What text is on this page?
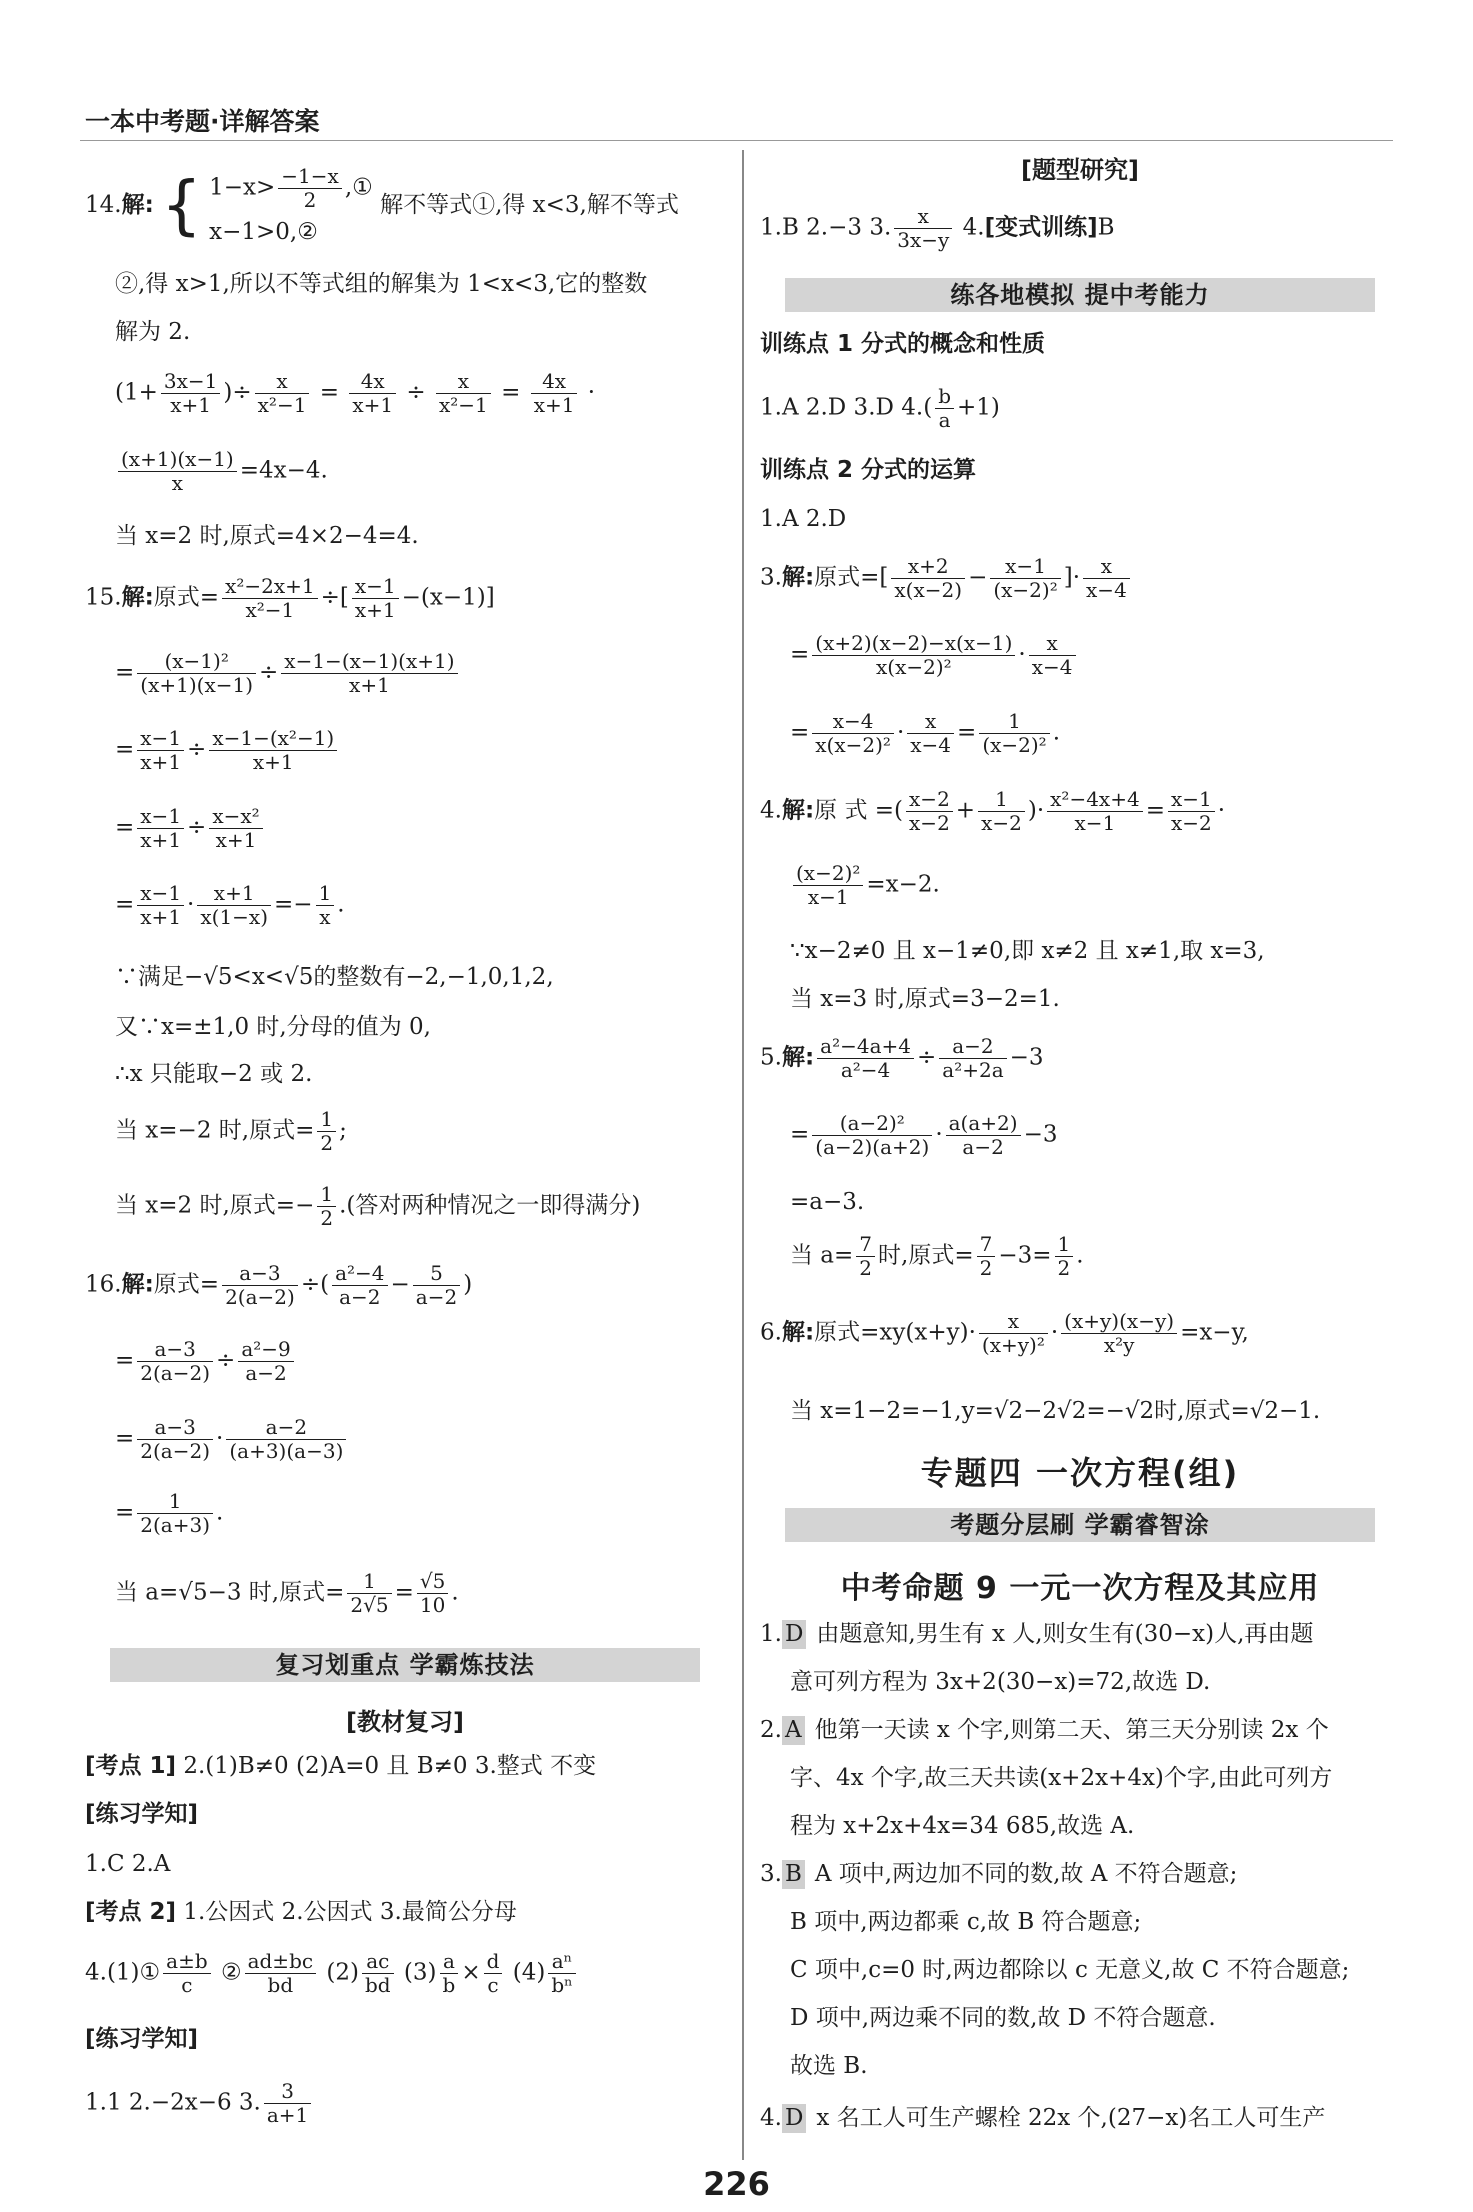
一本中考题·详解答案
14.解: { $1-x> \frac{-1-x}{2}$ ,①
x−1>0,②
解不等式①,得 x<3,解不等式
②,得 x>1,所以不等式组的解集为 1<x<3,它的整数
解为 2.
($1+ \frac{3x-1}{x+1}$ )÷ $\frac{x}{\text{x²−1}} = \frac{4x}{x+1} \div \frac{x}{\text{x²−1}} = \frac{4x}{x+1}$ ·
$\frac{(x+1)(x-1)}{x} =4x-4$.
当 x=2 时,原式=4×2−4=4.
15.解:原式= $\frac{\text{x²−2x+1}}{\text{x²−1}}$ ÷[ $\frac{x-1}{x+1} -(x-1)$]
= $\frac{\text{(x−1)²}}{(x+1)(x-1)} \div \frac{x-1-(x-1)(x+1)}{x+1}$
= $\frac{x-1}{x+1} \div \frac{\text{x−1−(x²−1)}}{x+1}$
= $\frac{x-1}{x+1} \div \frac{\text{x−x²}}{x+1}$
= $\frac{x-1}{x+1} \cdot \frac{x+1}{x(1-x)} =- \frac{1}{x}$ .
∵满足−√5<x<√5的整数有−2,−1,0,1,2,
又∵x=±1,0 时,分母的值为 0,
∴x 只能取−2 或 2.
当 x=−2 时,原式= $\frac{1}{2}$ ;
当 x=2 时,原式=− $\frac{1}{2}$ .(答对两种情况之一即得满分)
16.解:原式= $\frac{a-3}{2(a-2)}$ ÷( $\frac{\text{a²−4}}{a-2} - \frac{5}{a-2}$ )
= $\frac{a-3}{2(a-2)} \div \frac{\text{a²−9}}{a-2}$
= $\frac{a-3}{2(a-2)} \cdot \frac{a-2}{(a+3)(a-3)}$
= $\frac{1}{2(a+3)}$ .
当 a=√5−3 时,原式= $\frac{1}{2√5} = \frac{√5}{10}$ .
复习划重点 学霸炼技法
[教材复习]
[考点 1] 2.(1)B≠0 (2)A=0 且 B≠0 3.整式 不变
[练习学知]
1.C 2.A
[考点 2] 1.公因式 2.公因式 3.最简公分母
4.(1)① $\frac{a\pm b}{c}$ ② $\frac{ad\pm bc}{bd} (2) \frac{ac}{bd} (3) \frac{a}{b} \times \frac{d}{c} (4) \frac{\text{aⁿ}}{\text{bⁿ}}$
[练习学知]
1.1 2.−2x−6 3. $\frac{3}{a+1}$
[题型研究]
1.B 2.−3 3. $\frac{x}{3x-y} 4$.[变式训练]B
练各地模拟 提中考能力
训练点 1 分式的概念和性质
1.A 2.D 3.D $4.( \frac{b}{a} +1)$
训练点 2 分式的运算
1.A 2.D
3.解:原式=[ $\frac{x+2}{x(x-2)} - \frac{x-1}{\text{(x−2)²}}$ ]· $\frac{x}{x-4}$
= $\frac{(x+2)(x-2)-x(x-1)}{\text{x(x−2)²}} \cdot \frac{x}{x-4}$
= $\frac{x-4}{\text{x(x−2)²}} \cdot \frac{x}{x-4} = \frac{1}{\text{(x−2)²}}$ .
4.解:原 式 =( $\frac{x-2}{x-2} + \frac{1}{x-2}$ )· $\frac{\text{x²−4x+4}}{x-1} = \frac{x-1}{x-2}$ ·
$\frac{\text{(x−2)²}}{x-1} =x-2$.
∵x−2≠0 且 x−1≠0,即 x≠2 且 x≠1,取 x=3,
当 x=3 时,原式=3−2=1.
5.解: $\frac{\text{a²−4a+4}}{\text{a²−4}} \div \frac{a-2}{\text{a²+2a}} -3$
= $\frac{\text{(a−2)²}}{(a-2)(a+2)} \cdot \frac{a(a+2)}{a-2} -3$
=a−3.
当 $a= \frac{7}{2}$ 时,原式= $\frac{7}{2} -3= \frac{1}{2}$ .
6.解:原式$=xy(x+y)\cdot \frac{x}{\text{(x+y)²}} \cdot \frac{(x+y)(x-y)}{\text{x²y}} =x-y$,
当 x=1−2=−1,y=√2−2√2=−√2时,原式=√2−1.
专题四 一次方程(组)
考题分层刷 学霸睿智涂
中考命题 9 一元一次方程及其应用
1. D 由题意知,男生有 x 人,则女生有(30−x)人,再由题
意可列方程为 3x+2(30−x)=72,故选 D.
2. A 他第一天读 x 个字,则第二天、第三天分别读 2x 个
字、4x 个字,故三天共读(x+2x+4x)个字,由此可列方
程为 x+2x+4x=34 685,故选 A.
3. B A 项中,两边加不同的数,故 A 不符合题意;
B 项中,两边都乘 c,故 B 符合题意;
C 项中,c=0 时,两边都除以 c 无意义,故 C 不符合题意;
D 项中,两边乘不同的数,故 D 不符合题意.
故选 B.
4. D x 名工人可生产螺栓 22x 个,(27−x)名工人可生产
226
